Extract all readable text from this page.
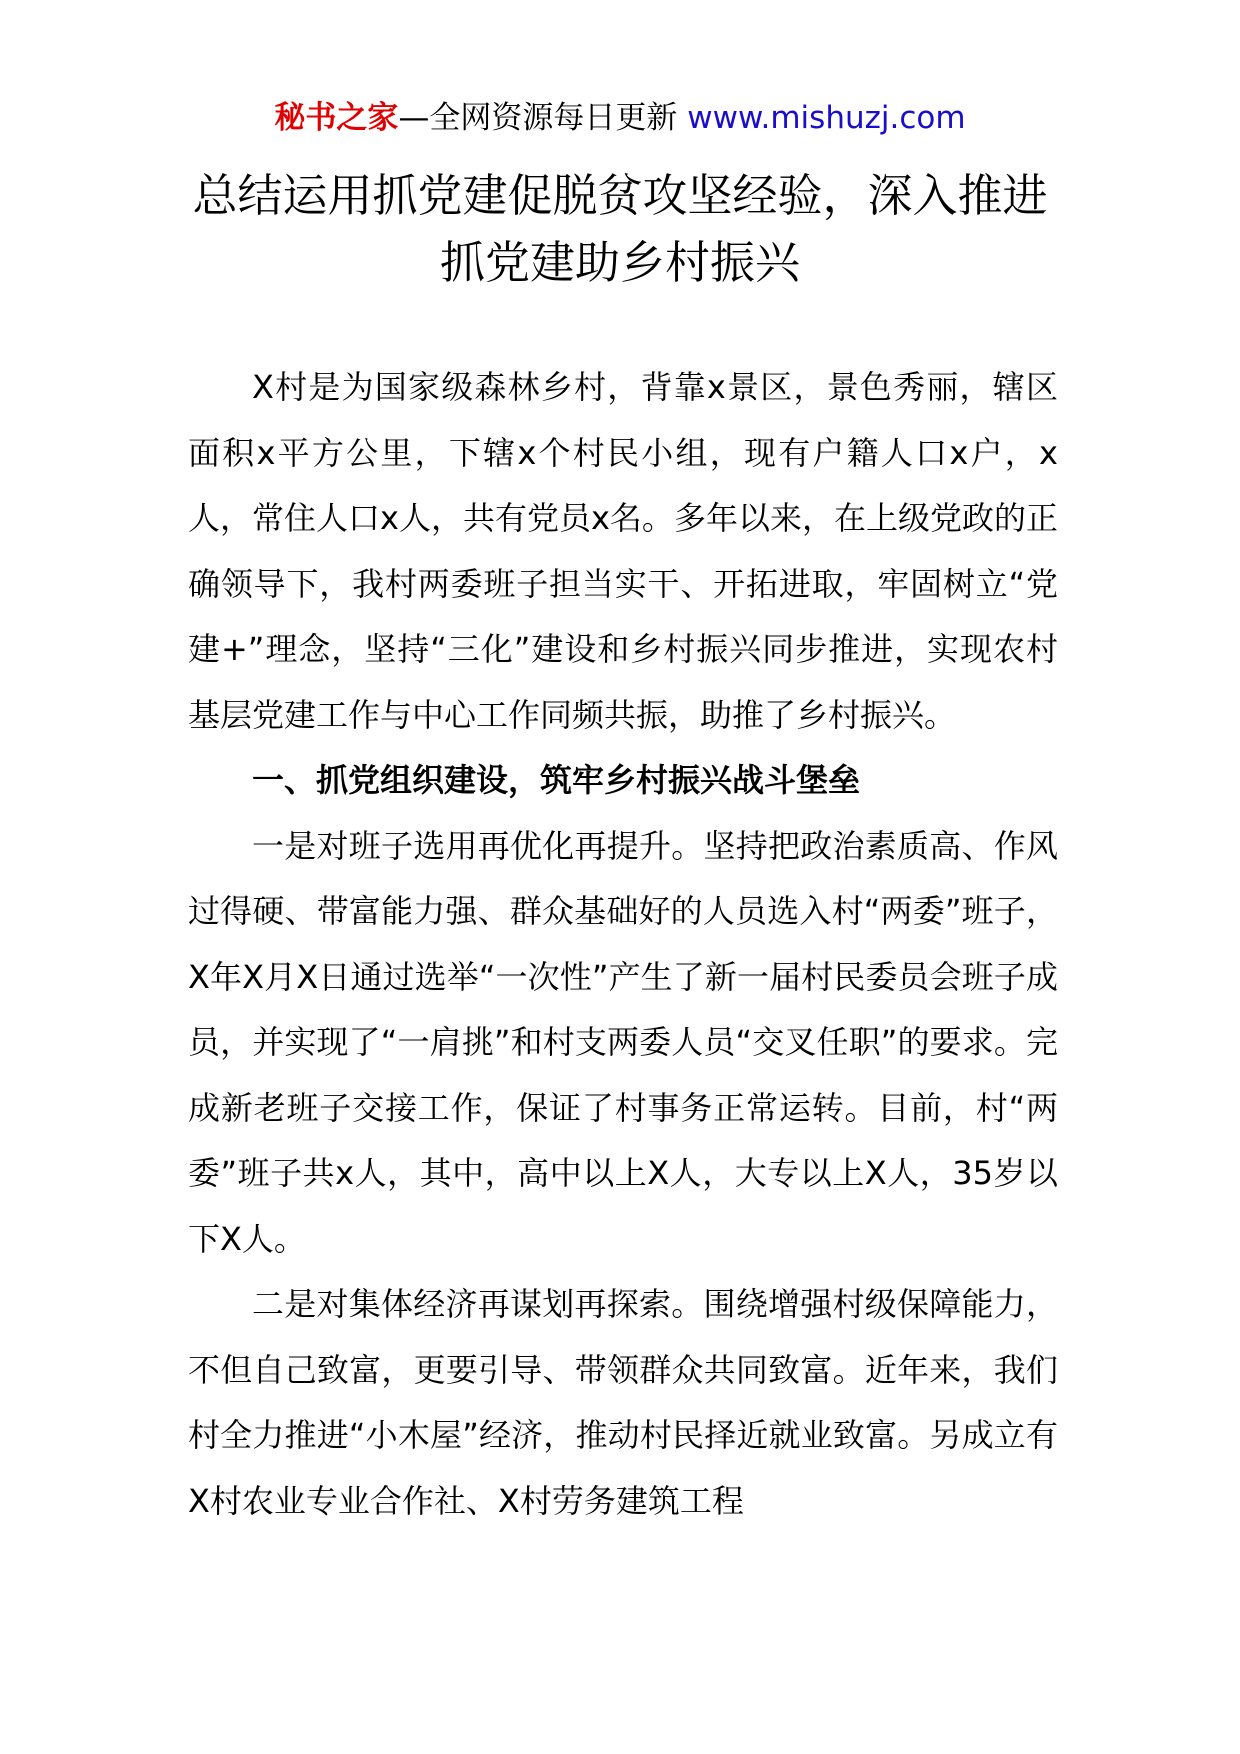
秘书之家—全网资源每日更新 www.mishuzj.com
总结运用抓党建促脱贫攻坚经验，深入推进
抓党建助乡村振兴

X村是为国家级森林乡村，背靠x景区，景色秀丽，辖区面积x平方公里，下辖x个村民小组，现有户籍人口x户，x人，常住人口x人，共有党员x名。多年以来，在上级党政的正确领导下，我村两委班子担当实干、开拓进取，牢固树立“党建+”理念，坚持“三化”建设和乡村振兴同步推进，实现农村基层党建工作与中心工作同频共振，助推了乡村振兴。

一、抓党组织建设，筑牢乡村振兴战斗堡垒

一是对班子选用再优化再提升。坚持把政治素质高、作风过得硬、带富能力强、群众基础好的人员选入村“两委”班子，X年X月X日通过选举“一次性”产生了新一届村民委员会班子成员，并实现了“一肩挑”和村支两委人员“交叉任职”的要求。完成新老班子交接工作，保证了村事务正常运转。目前，村“两委”班子共x人，其中，高中以上X人，大专以上X人，35岁以下X人。

二是对集体经济再谋划再探索。围绕增强村级保障能力，不但自己致富，更要引导、带领群众共同致富。近年来，我们村全力推进“小木屋”经济，推动村民择近就业致富。另成立有X村农业专业合作社、X村劳务建筑工程
